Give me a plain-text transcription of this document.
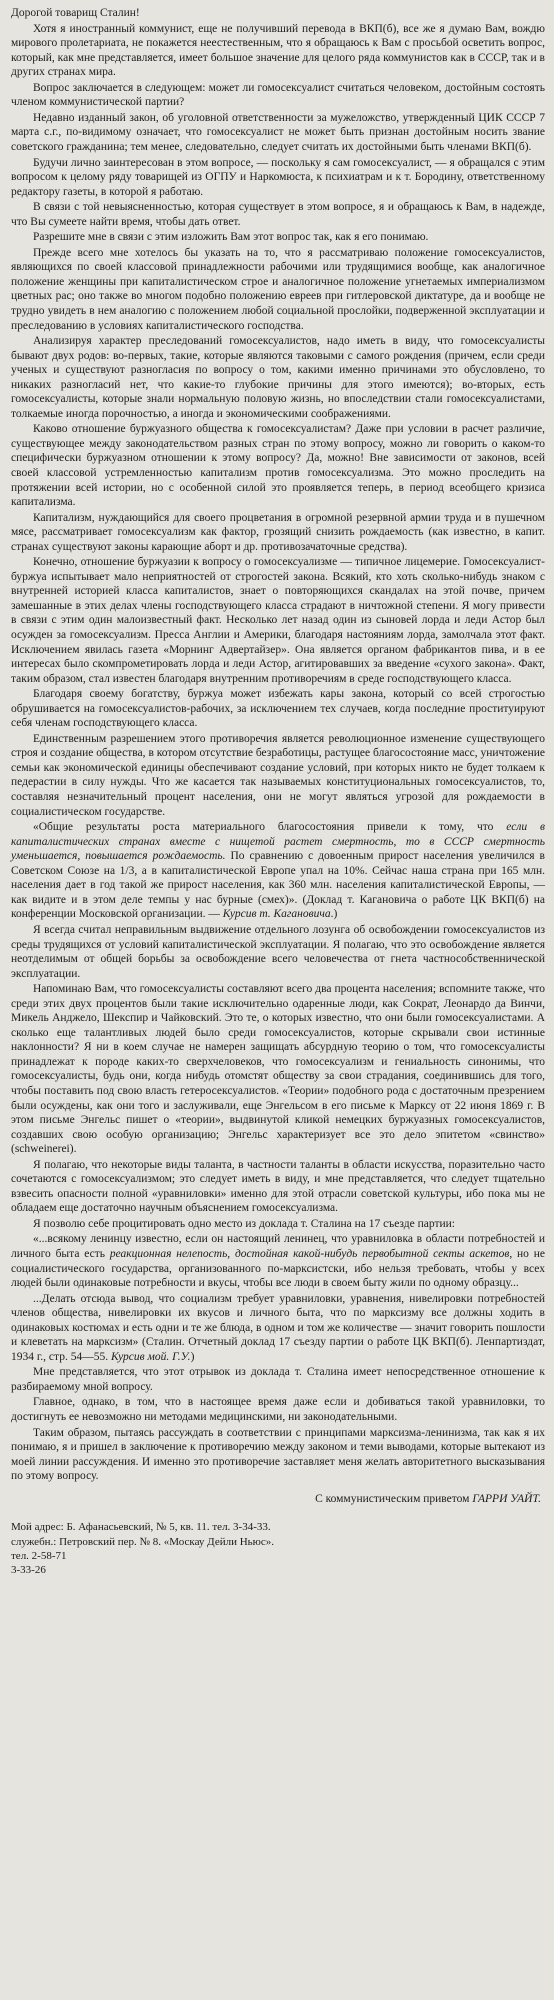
Дорогой товарищ Сталин!

Хотя я иностранный коммунист, еще не получивший перевода в ВКП(б), все же я думаю Вам, вождю мирового пролетариата, не покажется неестественным, что я обращаюсь к Вам с просьбой осветить вопрос, который, как мне представляется, имеет большое значение для целого ряда коммунистов как в СССР, так и в других странах мира.

Вопрос заключается в следующем: может ли гомосексуалист считаться человеком, достойным состоять членом коммунистической партии?

Недавно изданный закон, об уголовной ответственности за мужеложство, утвержденный ЦИК СССР 7 марта с.г., по-видимому означает, что гомосексуалист не может быть признан достойным носить звание советского гражданина; тем менее, следовательно, следует считать их достойными быть членами ВКП(б).

Будучи лично заинтересован в этом вопросе, — поскольку я сам гомосексуалист, — я обращался с этим вопросом к целому ряду товарищей из ОГПУ и Наркомюста, к психиатрам и к т. Бородину, ответственному редактору газеты, в которой я работаю.

В связи с той невыясненностью, которая существует в этом вопросе, я и обращаюсь к Вам, в надежде, что Вы сумеете найти время, чтобы дать ответ.

Разрешите мне в связи с этим изложить Вам этот вопрос так, как я его понимаю.

Прежде всего мне хотелось бы указать на то, что я рассматриваю положение гомосексуалистов, являющихся по своей классовой принадлежности рабочими или трудящимися вообще, как аналогичное положение женщины при капиталистическом строе и аналогичное положение угнетаемых империализмом цветных рас; оно также во многом подобно положению евреев при гитлеровской диктатуре, да и вообще не трудно увидеть в нем аналогию с положением любой социальной прослойки, подверженной эксплуатации и преследованию в условиях капиталистического господства.

Анализируя характер преследований гомосексуалистов, надо иметь в виду, что гомосексуалисты бывают двух родов: во-первых, такие, которые являются таковыми с самого рождения (причем, если среди ученых и существуют разногласия по вопросу о том, какими именно причинами это обусловлено, то никаких разногласий нет, что какие-то глубокие причины для этого имеются); во-вторых, есть гомосексуалисты, которые знали нормальную половую жизнь, но впоследствии стали гомосексуалистами, толкаемые иногда порочностью, а иногда и экономическими соображениями.

Каково отношение буржуазного общества к гомосексуалистам? Даже при условии в расчет различие, существующее между законодательством разных стран по этому вопросу, можно ли говорить о каком-то специфически буржуазном отношении к этому вопросу? Да, можно! Вне зависимости от законов, всей своей классовой устремленностью капитализм против гомосексуализма. Это можно проследить на протяжении всей истории, но с особенной силой это проявляется теперь, в период всеобщего кризиса капитализма.

Капитализм, нуждающийся для своего процветания в огромной резервной армии труда и в пушечном мясе, рассматривает гомосексуализм как фактор, грозящий снизить рождаемость (как известно, в капит. странах существуют законы карающие аборт и др. противозачаточные средства).

Конечно, отношение буржуазии к вопросу о гомосексуализме — типичное лицемерие. Гомосексуалист-буржуа испытывает мало неприятностей от строгостей закона. Всякий, кто хоть сколько-нибудь знаком с внутренней историей класса капиталистов, знает о повторяющихся скандалах на этой почве, причем замешанные в этих делах члены господствующего класса страдают в ничтожной степени. Я могу привести в связи с этим один малоизвестный факт. Несколько лет назад один из сыновей лорда и леди Астор был осужден за гомосексуализм. Пресса Англии и Америки, благодаря настояниям лорда, замолчала этот факт. Исключением явилась газета «Морнинг Адвертайзер». Она является органом фабрикантов пива, и в ее интересах было скомпрометировать лорда и леди Астор, агитировавших за введение «сухого закона». Факт, таким образом, стал известен благодаря внутренним противоречиям в среде господствующего класса.

Благодаря своему богатству, буржуа может избежать кары закона, который со всей строгостью обрушивается на гомосексуалистов-рабочих, за исключением тех случаев, когда последние проституируют себя членам господствующего класса.

Единственным разрешением этого противоречия является революционное изменение существующего строя и создание общества, в котором отсутствие безработицы, растущее благосостояние масс, уничтожение семьи как экономической единицы обеспечивают создание условий, при которых никто не будет толкаем к педерастии в силу нужды. Что же касается так называемых конституциональных гомосексуалистов, то, составляя незначительный процент населения, они не могут являться угрозой для рождаемости в социалистическом государстве.

«Общие результаты роста материального благосостояния привели к тому, что если в капиталистических странах вместе с нищетой растет смертность, то в СССР смертность уменьшается, повышается рождаемость. По сравнению с довоенным прирост населения увеличился в Советском Союзе на 1/3, а в капиталистической Европе упал на 10%. Сейчас наша страна при 165 млн. населения дает в год такой же прирост населения, как 360 млн. населения капиталистической Европы, — как видите и в этом деле темпы у нас бурные (смех)». (Доклад т. Кагановича о работе ЦК ВКП(б) на конференции Московской организации. — Курсив т. Кагановича.)

Я всегда считал неправильным выдвижение отдельного лозунга об освобождении гомосексуалистов из среды трудящихся от условий капиталистической эксплуатации. Я полагаю, что это освобождение является неотделимым от общей борьбы за освобождение всего человечества от гнета частнособственнической эксплуатации.

Напоминаю Вам, что гомосексуалисты составляют всего два процента населения; вспомните также, что среди этих двух процентов были такие исключительно одаренные люди, как Сократ, Леонардо да Винчи, Микель Анджело, Шекспир и Чайковский. Это те, о которых известно, что они были гомосексуалистами. А сколько еще талантливых людей было среди гомосексуалистов, которые скрывали свои истинные наклонности? Я ни в коем случае не намерен защищать абсурдную теорию о том, что гомосексуалисты принадлежат к породе каких-то сверхчеловеков, что гомосексуализм и гениальность синонимы, что гомосексуалисты, будь они, когда нибудь отомстят обществу за свои страдания, соединившись для того, чтобы поставить под свою власть гетеросексуалистов. «Теории» подобного рода с достаточным презрением были осуждены, как они того и заслуживали, еще Энгельсом в его письме к Марксу от 22 июня 1869 г. В этом письме Энгельс пишет о «теории», выдвинутой кликой немецких буржуазных гомосексуалистов, создавших свою особую организацию; Энгельс характеризует все это дело эпитетом «свинство» (schweinerei).

Я полагаю, что некоторые виды таланта, в частности таланты в области искусства, поразительно часто сочетаются с гомосексуализмом; это следует иметь в виду, и мне представляется, что следует тщательно взвесить опасности полной «уравниловки» именно для этой отрасли советской культуры, ибо пока мы не обладаем еще достаточно научным объяснением гомосексуализма.

Я позволю себе процитировать одно место из доклада т. Сталина на 17 съезде партии:

«...всякому ленинцу известно, если он настоящий ленинец, что уравниловка в области потребностей и личного быта есть реакционная нелепость, достойная какой-нибудь первобытной секты аскетов, но не социалистического государства, организованного по-марксистски, ибо нельзя требовать, чтобы у всех людей были одинаковые потребности и вкусы, чтобы все люди в своем быту жили по одному образцу...

...Делать отсюда вывод, что социализм требует уравниловки, уравнения, нивелировки потребностей членов общества, нивелировки их вкусов и личного быта, что по марксизму все должны ходить в одинаковых костюмах и есть одни и те же блюда, в одном и том же количестве — значит говорить пошлости и клеветать на марксизм» (Сталин. Отчетный доклад 17 съезду партии о работе ЦК ВКП(б). Ленпартиздат, 1934 г., стр. 54—55. Курсив мой. Г.У.)

Мне представляется, что этот отрывок из доклада т. Сталина имеет непосредственное отношение к разбираемому мной вопросу.

Главное, однако, в том, что в настоящее время даже если и добиваться такой уравниловки, то достигнуть ее невозможно ни методами медицинскими, ни законодательными.

Таким образом, пытаясь рассуждать в соответствии с принципами марксизма-ленинизма, так как я их понимаю, я и пришел в заключение к противоречию между законом и теми выводами, которые вытекают из моей линии рассуждения. И именно это противоречие заставляет меня желать авторитетного высказывания по этому вопросу.

С коммунистическим приветом ГАРРИ УАЙТ.
Мой адрес: Б. Афанасьевский, № 5, кв. 11. тел. 3-34-33.
служебн.: Петровский пер. № 8. «Москау Дейли Ньюс».
тел. 2-58-71
3-33-26
